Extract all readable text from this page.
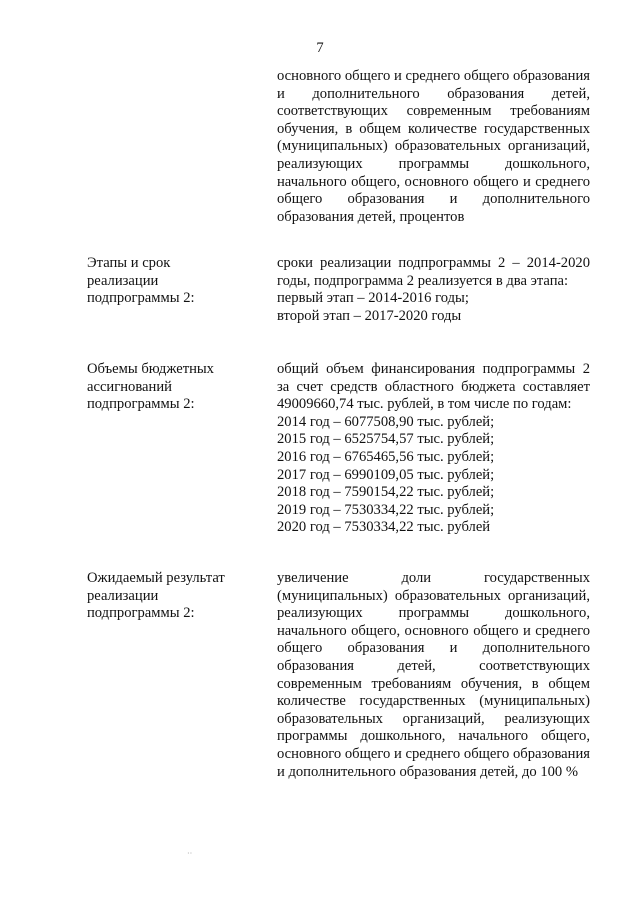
7
основного общего и среднего общего образования и дополнительного образования детей, соответствующих современным требованиям обучения, в общем количестве государственных (муниципальных) образовательных организаций, реализующих программы дошкольного, начального общего, основного общего и среднего общего образования и дополнительного образования детей, процентов
Этапы и срок реализации подпрограммы 2:
сроки реализации подпрограммы 2 – 2014-2020 годы, подпрограмма 2 реализуется в два этапа:
первый этап – 2014-2016 годы;
второй этап – 2017-2020 годы
Объемы бюджетных ассигнований подпрограммы 2:
общий объем финансирования подпрограммы 2 за счет средств областного бюджета составляет 49009660,74 тыс. рублей, в том числе по годам:
2014 год – 6077508,90 тыс. рублей;
2015 год – 6525754,57 тыс. рублей;
2016 год – 6765465,56 тыс. рублей;
2017 год – 6990109,05 тыс. рублей;
2018 год – 7590154,22 тыс. рублей;
2019 год – 7530334,22 тыс. рублей;
2020 год – 7530334,22 тыс. рублей
Ожидаемый результат реализации подпрограммы 2:
увеличение доли государственных (муниципальных) образовательных организаций, реализующих программы дошкольного, начального общего, основного общего и среднего общего образования и дополнительного образования детей, соответствующих современным требованиям обучения, в общем количестве государственных (муниципальных) образовательных организаций, реализующих программы дошкольного, начального общего, основного общего и среднего общего образования и дополнительного образования детей, до 100 %
··
